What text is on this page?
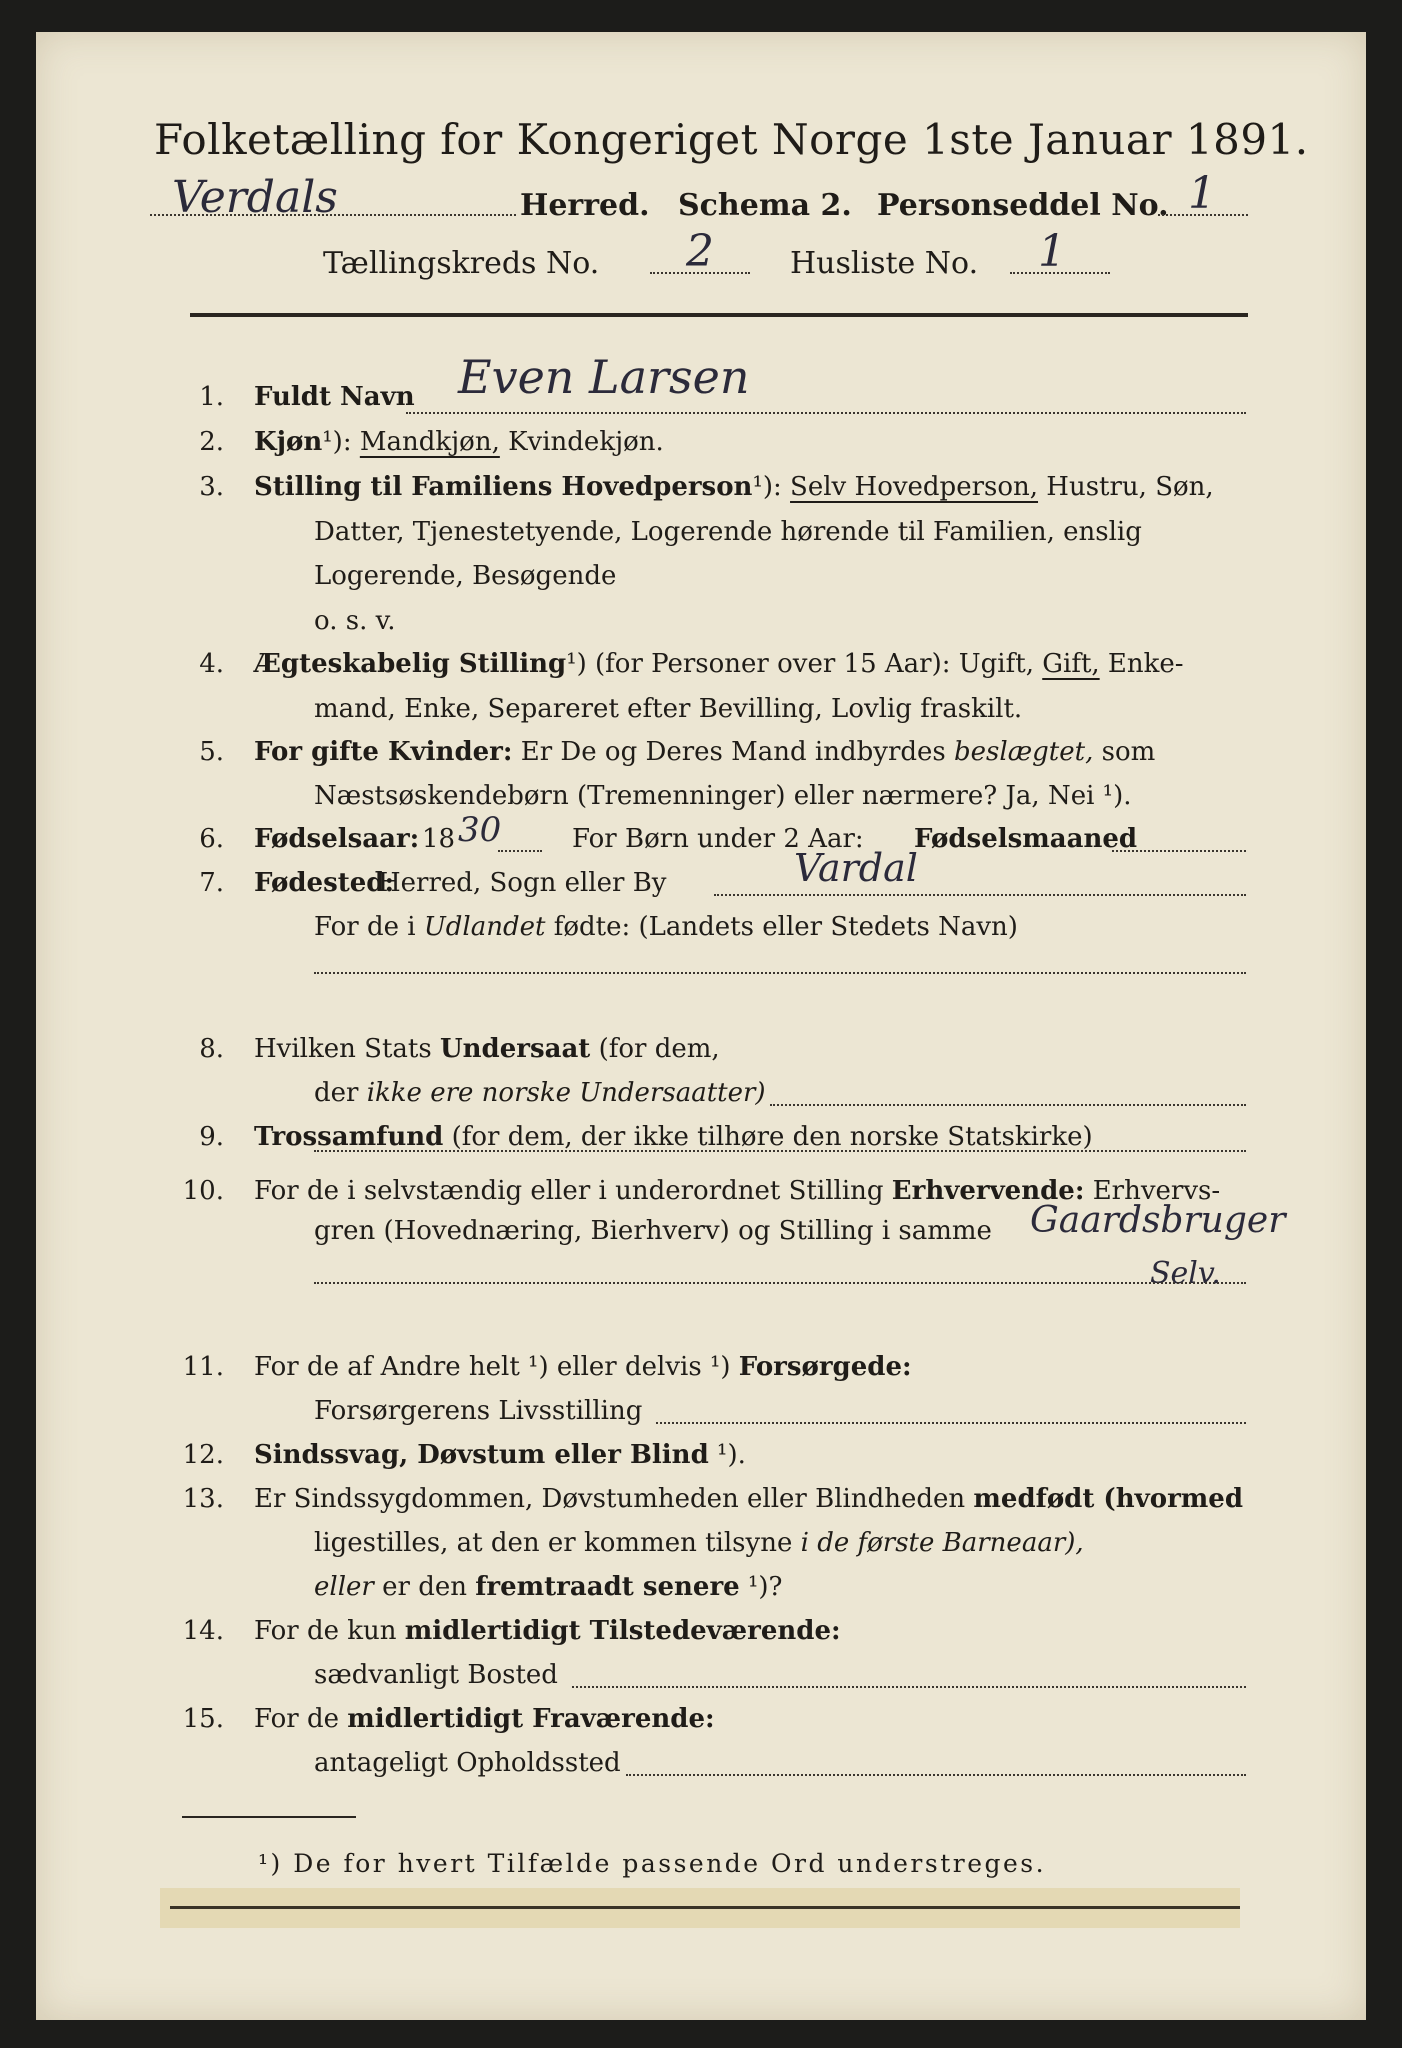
Folketælling for Kongeriget Norge 1ste Januar 1891.
Verdals	Herred. Schema 2. Personseddel No. 1
Tællingskreds No. 2	Husliste No. 1
1. Fuldt Navn Even Larsen
2. Kjøn¹): Mandkjøn, Kvindekjøn.
3. Stilling til Familiens Hovedperson¹): Selv Hovedperson, Hustru, Søn,
Datter, Tjenestetyende, Logerende hørende til Familien, enslig
Logerende, Besøgende
o. s. v.
4. Ægteskabelig Stilling¹) (for Personer over 15 Aar): Ugift, Gift, Enke-
mand, Enke, Separeret efter Bevilling, Lovlig fraskilt.
5. For gifte Kvinder: Er De og Deres Mand indbyrdes beslægtet, som
Næstsøskendebørn (Tremenninger) eller nærmere? Ja, Nei ¹).
6. Fødselsaar: 18 30	For Børn under 2 Aar: Fødselsmaaned
7. Fødested:
Herred, Sogn eller By	Vardal
For de i Udlandet fødte: (Landets eller Stedets Navn)
8. Hvilken Stats Undersaat (for dem,
der ikke ere norske Undersaatter)
9. Trossamfund (for dem, der ikke tilhøre den norske Statskirke)
10. For de i selvstændig eller i underordnet Stilling Erhvervende: Erhvervs-
gren (Hovednæring, Bierhverv) og Stilling i samme Gaardsbruger
Selv.
11. For de af Andre helt ¹) eller delvis ¹) Forsørgede:
Forsørgerens Livsstilling
12. Sindssvag, Døvstum eller Blind ¹).
13. Er Sindssygdommen, Døvstumheden eller Blindheden medfødt (hvormed
ligestilles, at den er kommen tilsyne i de første Barneaar),
eller er den fremtraadt senere ¹)?
14. For de kun midlertidigt Tilstedeværende:
sædvanligt Bosted
15. For de midlertidigt Fraværende:
antageligt Opholdssted
¹) De for hvert Tilfælde passende Ord understreges.
